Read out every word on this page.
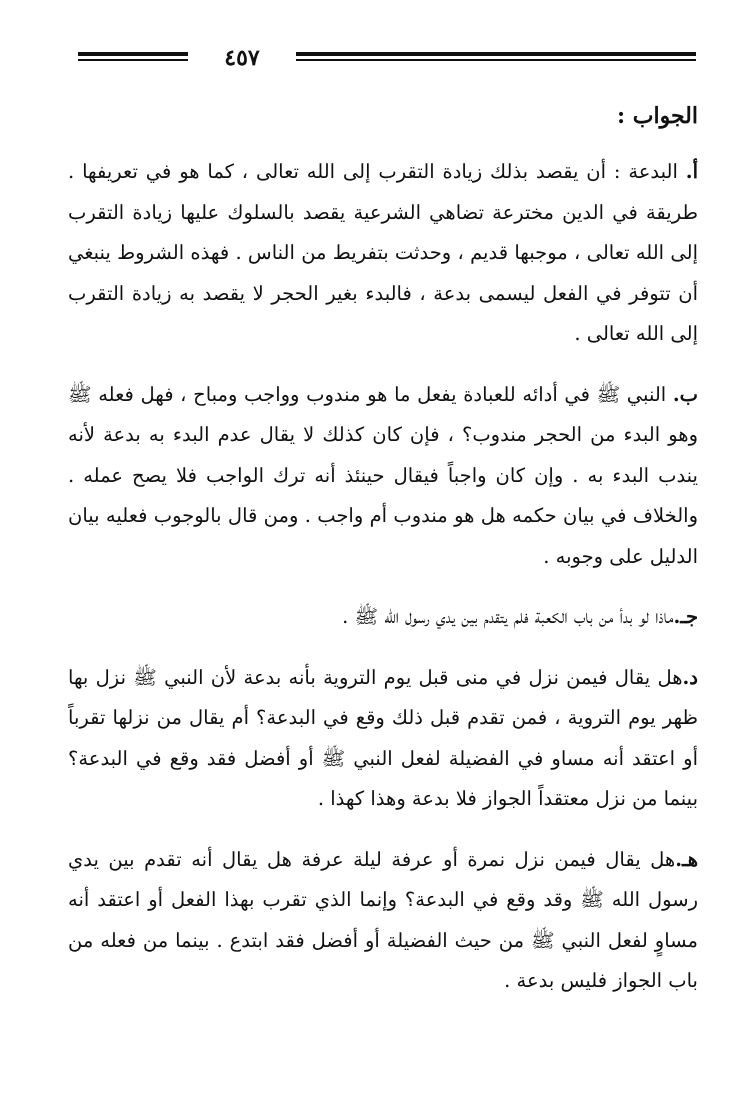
٤٥٧
الجواب :

أ. البدعة : أن يقصد بذلك زيادة التقرب إلى الله تعالى ، كما هو في تعريفها . طريقة في الدين مخترعة تضاهي الشرعية يقصد بالسلوك عليها زيادة التقرب إلى الله تعالى ، موجبها قديم ، وحدثت بتفريط من الناس . فهذه الشروط ينبغي أن تتوفر في الفعل ليسمى بدعة ، فالبدء بغير الحجر لا يقصد به زيادة التقرب إلى الله تعالى .

ب. النبي ﷺ في أدائه للعبادة يفعل ما هو مندوب وواجب ومباح ، فهل فعله ﷺ وهو البدء من الحجر مندوب؟ ، فإن كان كذلك لا يقال عدم البدء به بدعة لأنه يندب البدء به . وإن كان واجباً فيقال حينئذ أنه ترك الواجب فلا يصح عمله . والخلاف في بيان حكمه هل هو مندوب أم واجب . ومن قال بالوجوب فعليه بيان الدليل على وجوبه .

جـ.ماذا لو بدأ من باب الكعبة فلم يتقدم بين يدي رسول الله ﷺ .

د.هل يقال فيمن نزل في منى قبل يوم التروية بأنه بدعة لأن النبي ﷺ نزل بها ظهر يوم التروية ، فمن تقدم قبل ذلك وقع في البدعة؟ أم يقال من نزلها تقرباً أو اعتقد أنه مساو في الفضيلة لفعل النبي ﷺ أو أفضل فقد وقع في البدعة؟ بينما من نزل معتقداً الجواز فلا بدعة وهذا كهذا .

هـ.هل يقال فيمن نزل نمرة أو عرفة ليلة عرفة هل يقال أنه تقدم بين يدي رسول الله ﷺ وقد وقع في البدعة؟ وإنما الذي تقرب بهذا الفعل أو اعتقد أنه مساوٍ لفعل النبي ﷺ من حيث الفضيلة أو أفضل فقد ابتدع . بينما من فعله من باب الجواز فليس بدعة .
